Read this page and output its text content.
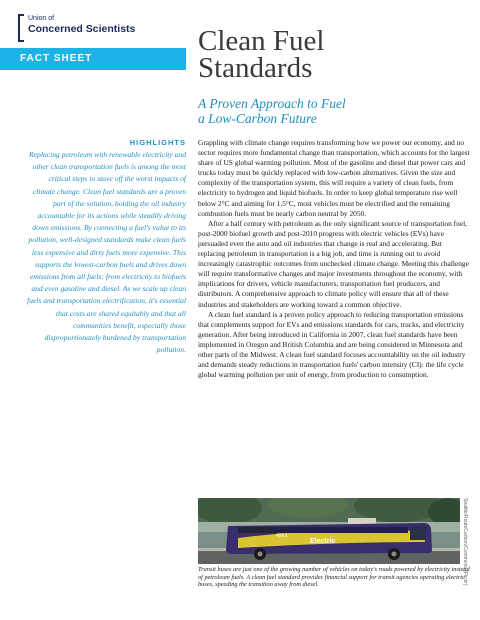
Union of
Concerned Scientists
FACT SHEET
Clean Fuel
Standards
A Proven Approach to Fuel
a Low-Carbon Future
HIGHLIGHTS
Replacing petroleum with renewable electricity and other clean transportation fuels is among the most critical steps to stave off the worst impacts of climate change. Clean fuel standards are a proven part of the solution, holding the oil industry accountable for its actions while steadily driving down emissions. By connecting a fuel's value to its pollution, well-designed standards make clean fuels less expensive and dirty fuels more expensive. This supports the lowest-carbon fuels and drives down emissions from all fuels: from electricity to biofuels and even gasoline and diesel. As we scale up clean fuels and transportation electrification, it's essential that costs are shared equitably and that all communities benefit, especially those disproportionately burdened by transportation pollution.

Grappling with climate change requires transforming how we power our economy, and no sector requires more fundamental change than transportation, which accounts for the largest share of US global warming pollution. Most of the gasoline and diesel that power cars and trucks today must be quickly replaced with low-carbon alternatives. Given the size and complexity of the transportation system, this will require a variety of clean fuels, from electricity to hydrogen and liquid biofuels. In order to keep global temperature rise well below 2°C and aiming for 1.5°C, most vehicles must be electrified and the remaining combustion fuels must be nearly carbon neutral by 2050.

After a half century with petroleum as the only significant source of transportation fuel, post-2000 biofuel growth and post-2010 progress with electric vehicles (EVs) have persuaded even the auto and oil industries that change is real and accelerating. But replacing petroleum in transportation is a big job, and time is running out to avoid increasingly catastrophic outcomes from unchecked climate change. Meeting this challenge will require transformative changes and major investments throughout the economy, with implications for drivers, vehicle manufacturers, transportation fuel producers, and distributors. A comprehensive approach to climate policy will ensure that all of these industries and stakeholders are working toward a common objective.

A clean fuel standard is a proven policy approach to reducing transportation emissions that complements support for EVs and emissions standards for cars, trucks, and electricity generation. After being introduced in California in 2007, clean fuel standards have been implemented in Oregon and British Columbia and are being considered in Minnesota and other parts of the Midwest. A clean fuel standard focuses accountability on the oil industry and demands steady reductions in transportation fuels' carbon intensity (CI): the life cycle global warming pollution per unit of energy, from production to consumption.

4903
Electric	Seattle/RouteCarbon/Commons (Flickr)
Transit buses are just one of the growing number of vehicles on today's roads powered by electricity instead of petroleum fuels. A clean fuel standard provides financial support for transit agencies operating electric buses, speeding the transition away from diesel.
